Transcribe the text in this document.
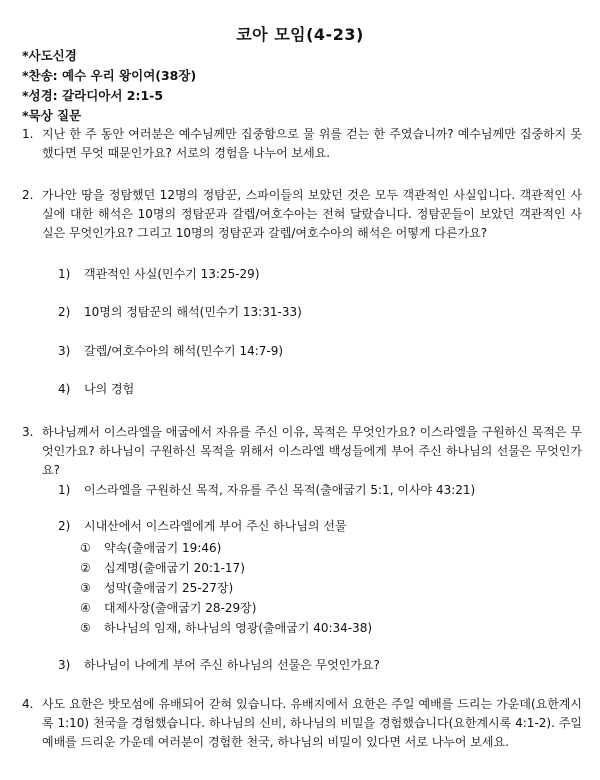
코아 모임(4-23)
*사도신경
*찬송: 예수 우리 왕이여(38장)
*성경: 갈라디아서 2:1-5
*묵상 질문
1. 지난 한 주 동안 여러분은 예수님께만 집중함으로 물 위를 걷는 한 주였습니까? 예수님께만 집중하지 못했다면 무엇 때문인가요? 서로의 경험을 나누어 보세요.
2. 가나안 땅을 정탐했던 12명의 정탐꾼, 스파이들의 보았던 것은 모두 객관적인 사실입니다. 객관적인 사실에 대한 해석은 10명의 정탐꾼과 갈렙/여호수아는 전혀 달랐습니다. 정탐꾼들이 보았던 객관적인 사실은 무엇인가요? 그리고 10명의 정탐꾼과 갈렙/여호수아의 해석은 어떻게 다른가요?
1) 객관적인 사실(민수기 13:25-29)
2) 10명의 정탐꾼의 해석(민수기 13:31-33)
3) 갈렙/여호수아의 해석(민수기 14:7-9)
4) 나의 경험
3. 하나님께서 이스라엘을 애굽에서 자유를 주신 이유, 목적은 무엇인가요? 이스라엘을 구원하신 목적은 무엇인가요? 하나님이 구원하신 목적을 위해서 이스라엘 백성들에게 부어 주신 하나님의 선물은 무엇인가요?
1) 이스라엘을 구원하신 목적, 자유를 주신 목적(출애굽기 5:1, 이사야 43:21)
2) 시내산에서 이스라엘에게 부어 주신 하나님의 선물
① 약속(출애굽기 19:46)
② 십계명(출애굽기 20:1-17)
③ 성막(출애굽기 25-27장)
④ 대제사장(출애굽기 28-29장)
⑤ 하나님의 임재, 하나님의 영광(출애굽기 40:34-38)
3) 하나님이 나에게 부어 주신 하나님의 선물은 무엇인가요?
4. 사도 요한은 밧모섬에 유배되어 갇혀 있습니다. 유배지에서 요한은 주일 예배를 드리는 가운데(요한계시록 1:10) 천국을 경험했습니다. 하나님의 신비, 하나님의 비밀을 경험했습니다(요한계시록 4:1-2). 주일 예배를 드리운 가운데 여러분이 경험한 천국, 하나님의 비밀이 있다면 서로 나누어 보세요.
